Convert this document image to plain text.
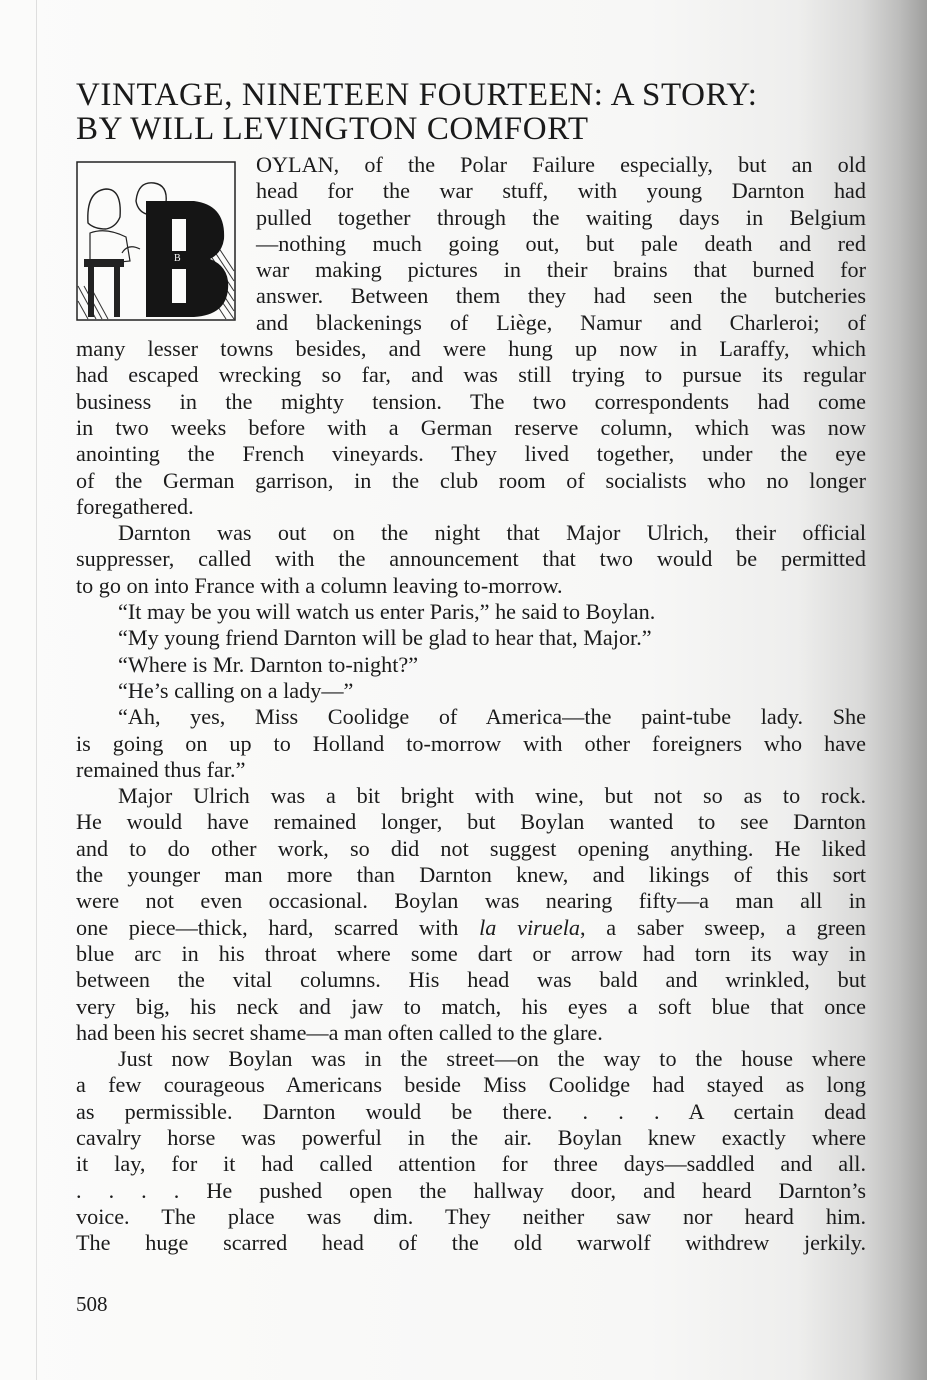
VINTAGE, NINETEEN FOURTEEN: A STORY:
BY WILL LEVINGTON COMFORT
B
OYLAN, of the Polar Failure especially, but an old
head for the war stuff, with young Darnton had
pulled together through the waiting days in Belgium
—nothing much going out, but pale death and red
war making pictures in their brains that burned for
answer. Between them they had seen the butcheries
and blackenings of Liège, Namur and Charleroi; of
many lesser towns besides, and were hung up now in Laraffy, which
had escaped wrecking so far, and was still trying to pursue its regular
business in the mighty tension. The two correspondents had come
in two weeks before with a German reserve column, which was now
anointing the French vineyards. They lived together, under the eye
of the German garrison, in the club room of socialists who no longer
foregathered.
Darnton was out on the night that Major Ulrich, their official
suppresser, called with the announcement that two would be permitted
to go on into France with a column leaving to-morrow.
“It may be you will watch us enter Paris,” he said to Boylan.
“My young friend Darnton will be glad to hear that, Major.”
“Where is Mr. Darnton to-night?”
“He’s calling on a lady—”
“Ah, yes, Miss Coolidge of America—the paint-tube lady. She
is going on up to Holland to-morrow with other foreigners who have
remained thus far.”
Major Ulrich was a bit bright with wine, but not so as to rock.
He would have remained longer, but Boylan wanted to see Darnton
and to do other work, so did not suggest opening anything. He liked
the younger man more than Darnton knew, and likings of this sort
were not even occasional. Boylan was nearing fifty—a man all in
one piece—thick, hard, scarred with la viruela, a saber sweep, a green
blue arc in his throat where some dart or arrow had torn its way in
between the vital columns. His head was bald and wrinkled, but
very big, his neck and jaw to match, his eyes a soft blue that once
had been his secret shame—a man often called to the glare.
Just now Boylan was in the street—on the way to the house where
a few courageous Americans beside Miss Coolidge had stayed as long
as permissible. Darnton would be there. . . . A certain dead
cavalry horse was powerful in the air. Boylan knew exactly where
it lay, for it had called attention for three days—saddled and all.
. . . . He pushed open the hallway door, and heard Darnton’s
voice. The place was dim. They neither saw nor heard him.
The huge scarred head of the old warwolf withdrew jerkily.
508
